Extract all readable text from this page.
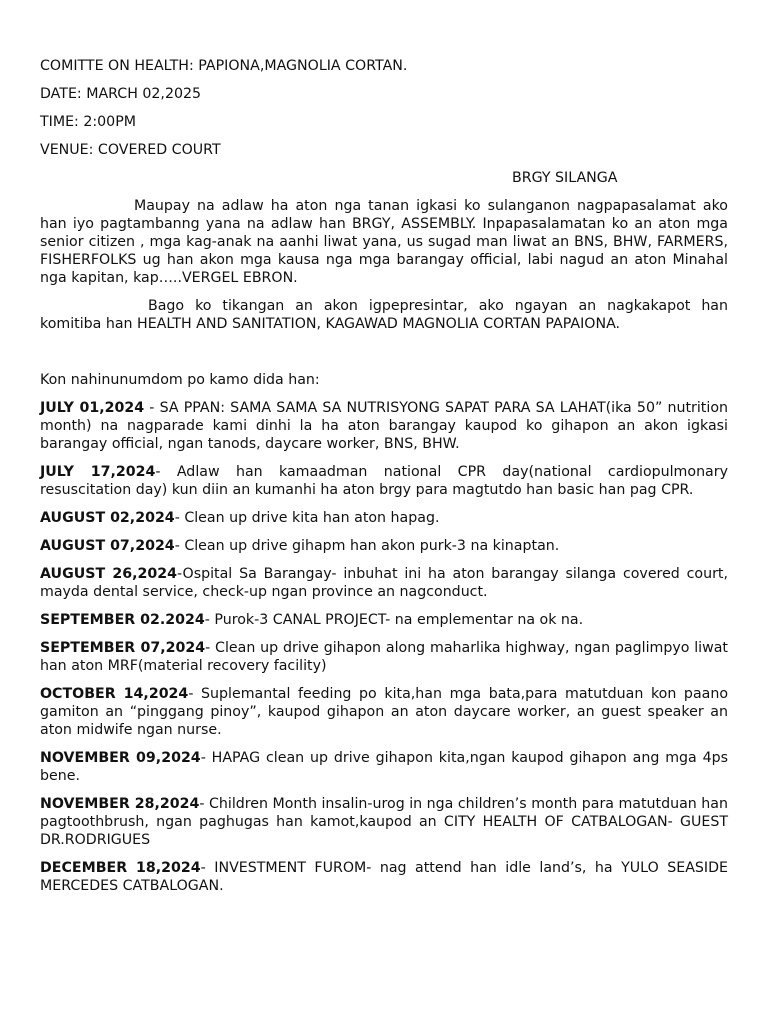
COMITTE ON HEALTH: PAPIONA,MAGNOLIA CORTAN.
DATE: MARCH 02,2025
TIME: 2:00PM
VENUE: COVERED COURT
BRGY SILANGA

Maupay na adlaw ha aton nga tanan igkasi ko sulanganon nagpapasalamat ako han iyo pagtambanng yana na adlaw han BRGY, ASSEMBLY. Inpapasalamatan ko an aton mga senior citizen , mga kag-anak na aanhi liwat yana, us sugad man liwat an BNS, BHW, FARMERS, FISHERFOLKS ug han akon mga kausa nga mga barangay official, labi nagud an aton Minahal nga kapitan, kap…..VERGEL EBRON.

Bago ko tikangan an akon igpepresintar, ako ngayan an nagkakapot han komitiba han HEALTH AND SANITATION, KAGAWAD MAGNOLIA CORTAN PAPAIONA.

Kon nahinunumdom po kamo dida han:

JULY 01,2024 - SA PPAN: SAMA SAMA SA NUTRISYONG SAPAT PARA SA LAHAT(ika 50” nutrition month) na nagparade kami dinhi la ha aton barangay kaupod ko gihapon an akon igkasi barangay official, ngan tanods, daycare worker, BNS, BHW.

JULY 17,2024- Adlaw han kamaadman national CPR day(national cardiopulmonary resuscitation day) kun diin an kumanhi ha aton brgy para magtutdo han basic han pag CPR.

AUGUST 02,2024- Clean up drive kita han aton hapag.

AUGUST 07,2024- Clean up drive gihapm han akon purk-3 na kinaptan.

AUGUST 26,2024-Ospital Sa Barangay- inbuhat ini ha aton barangay silanga covered court, mayda dental service, check-up ngan province an nagconduct.

SEPTEMBER 02.2024- Purok-3 CANAL PROJECT- na emplementar na ok na.

SEPTEMBER 07,2024- Clean up drive gihapon along maharlika highway, ngan paglimpyo liwat han aton MRF(material recovery facility)

OCTOBER 14,2024- Suplemantal feeding po kita,han mga bata,para matutduan kon paano gamiton an “pinggang pinoy”, kaupod gihapon an aton daycare worker, an guest speaker an aton midwife ngan nurse.

NOVEMBER 09,2024- HAPAG clean up drive gihapon kita,ngan kaupod gihapon ang mga 4ps bene.

NOVEMBER 28,2024- Children Month insalin-urog in nga children’s month para matutduan han pagtoothbrush, ngan paghugas han kamot,kaupod an CITY HEALTH OF CATBALOGAN- GUEST DR.RODRIGUES

DECEMBER 18,2024- INVESTMENT FUROM- nag attend han idle land’s, ha YULO SEASIDE MERCEDES CATBALOGAN.
